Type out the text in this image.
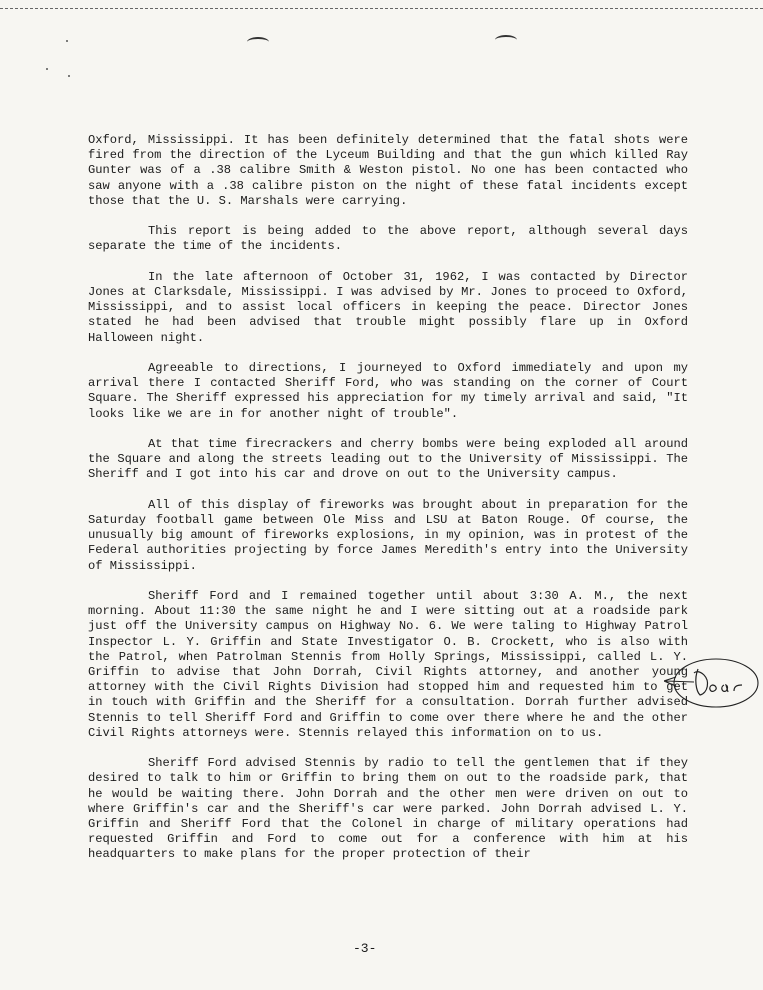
Oxford, Mississippi. It has been definitely determined that the fatal shots were fired from the direction of the Lyceum Building and that the gun which killed Ray Gunter was of a .38 calibre Smith & Weston pistol. No one has been contacted who saw anyone with a .38 calibre piston on the night of these fatal incidents except those that the U. S. Marshals were carrying.

This report is being added to the above report, although several days separate the time of the incidents.

In the late afternoon of October 31, 1962, I was contacted by Director Jones at Clarksdale, Mississippi. I was advised by Mr. Jones to proceed to Oxford, Mississippi, and to assist local officers in keeping the peace. Director Jones stated he had been advised that trouble might possibly flare up in Oxford Halloween night.

Agreeable to directions, I journeyed to Oxford immediately and upon my arrival there I contacted Sheriff Ford, who was standing on the corner of Court Square. The Sheriff expressed his appreciation for my timely arrival and said, "It looks like we are in for another night of trouble".

At that time firecrackers and cherry bombs were being exploded all around the Square and along the streets leading out to the University of Mississippi. The Sheriff and I got into his car and drove on out to the University campus.

All of this display of fireworks was brought about in preparation for the Saturday football game between Ole Miss and LSU at Baton Rouge. Of course, the unusually big amount of fireworks explosions, in my opinion, was in protest of the Federal authorities projecting by force James Meredith's entry into the University of Mississippi.

Sheriff Ford and I remained together until about 3:30 A. M., the next morning. About 11:30 the same night he and I were sitting out at a roadside park just off the University campus on Highway No. 6. We were taling to Highway Patrol Inspector L. Y. Griffin and State Investigator O. B. Crockett, who is also with the Patrol, when Patrolman Stennis from Holly Springs, Mississippi, called L. Y. Griffin to advise that John Dorrah, Civil Rights attorney, and another young attorney with the Civil Rights Division had stopped him and requested him to get in touch with Griffin and the Sheriff for a consultation. Dorrah further advised Stennis to tell Sheriff Ford and Griffin to come over there where he and the other Civil Rights attorneys were. Stennis relayed this information on to us.

Sheriff Ford advised Stennis by radio to tell the gentlemen that if they desired to talk to him or Griffin to bring them on out to the roadside park, that he would be waiting there. John Dorrah and the other men were driven on out to where Griffin's car and the Sheriff's car were parked. John Dorrah advised L. Y. Griffin and Sheriff Ford that the Colonel in charge of military operations had requested Griffin and Ford to come out for a conference with him at his headquarters to make plans for the proper protection of their

-3-
